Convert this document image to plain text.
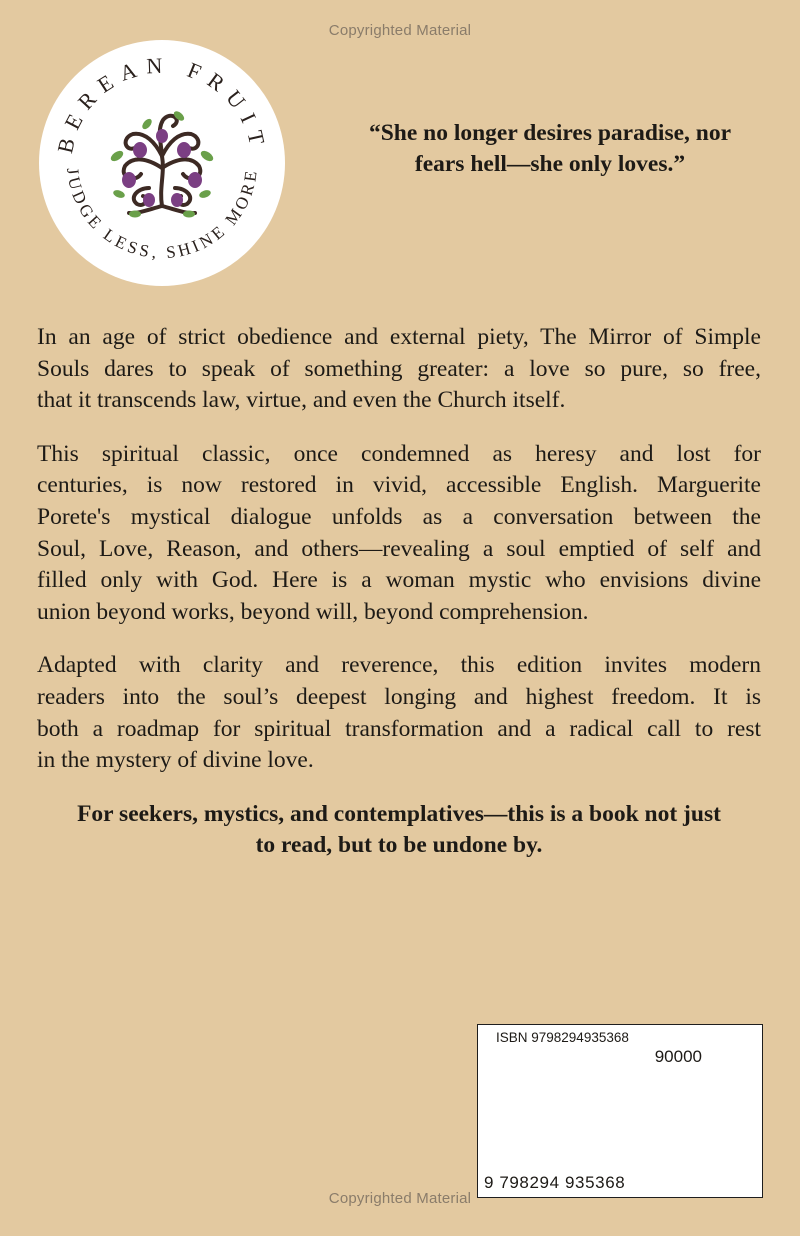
Copyrighted Material
BEREAN FRUIT
JUDGE LESS, SHINE MORE
“She no longer desires paradise, nor
fears hell—she only loves.”
In an age of strict obedience and external piety, The Mirror of Simple
Souls dares to speak of something greater: a love so pure, so free,
that it transcends law, virtue, and even the Church itself.
This spiritual classic, once condemned as heresy and lost for
centuries, is now restored in vivid, accessible English. Marguerite
Porete's mystical dialogue unfolds as a conversation between the
Soul, Love, Reason, and others—revealing a soul emptied of self and
filled only with God. Here is a woman mystic who envisions divine
union beyond works, beyond will, beyond comprehension.
Adapted with clarity and reverence, this edition invites modern
readers into the soul’s deepest longing and highest freedom. It is
both a roadmap for spiritual transformation and a radical call to rest
in the mystery of divine love.
For seekers, mystics, and contemplatives—this is a book not just
to read, but to be undone by.
ISBN 9798294935368
90000
9 798294 935368
Copyrighted Material
